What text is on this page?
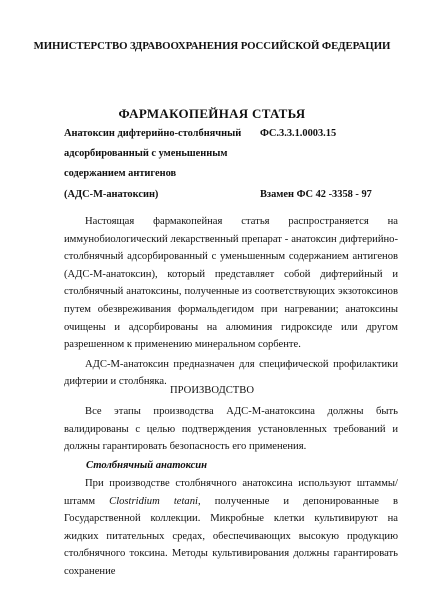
МИНИСТЕРСТВО ЗДРАВООХРАНЕНИЯ РОССИЙСКОЙ ФЕДЕРАЦИИ
ФАРМАКОПЕЙНАЯ СТАТЬЯ
Анатоксин дифтерийно-столбнячный
адсорбированный с уменьшенным
содержанием антигенов
(АДС-М-анатоксин)
ФС.3.3.1.0003.15
Взамен ФС 42 -3358 - 97

Настоящая фармакопейная статья распространяется на иммунобиологический лекарственный препарат - анатоксин дифтерийно-столбнячный адсорбированный с уменьшенным содержанием антигенов (АДС-М-анатоксин), который представляет собой дифтерийный и столбнячный анатоксины, полученные из соответствующих экзотоксинов путем обезвреживания формальдегидом при нагревании; анатоксины очищены и адсорбированы на алюминия гидроксиде или другом разрешенном к применению минеральном сорбенте.

АДС-М-анатоксин предназначен для специфической профилактики дифтерии и столбняка.

ПРОИЗВОДСТВО

Все этапы производства АДС-М-анатоксина должны быть валидированы с целью подтверждения установленных требований и должны гарантировать безопасность его применения.

Столбнячный анатоксин

При производстве столбнячного анатоксина используют штаммы/штамм Clostridium tetani, полученные и депонированные в Государственной коллекции. Микробные клетки культивируют на жидких питательных средах, обеспечивающих высокую продукцию столбнячного токсина. Методы культивирования должны гарантировать сохранение
